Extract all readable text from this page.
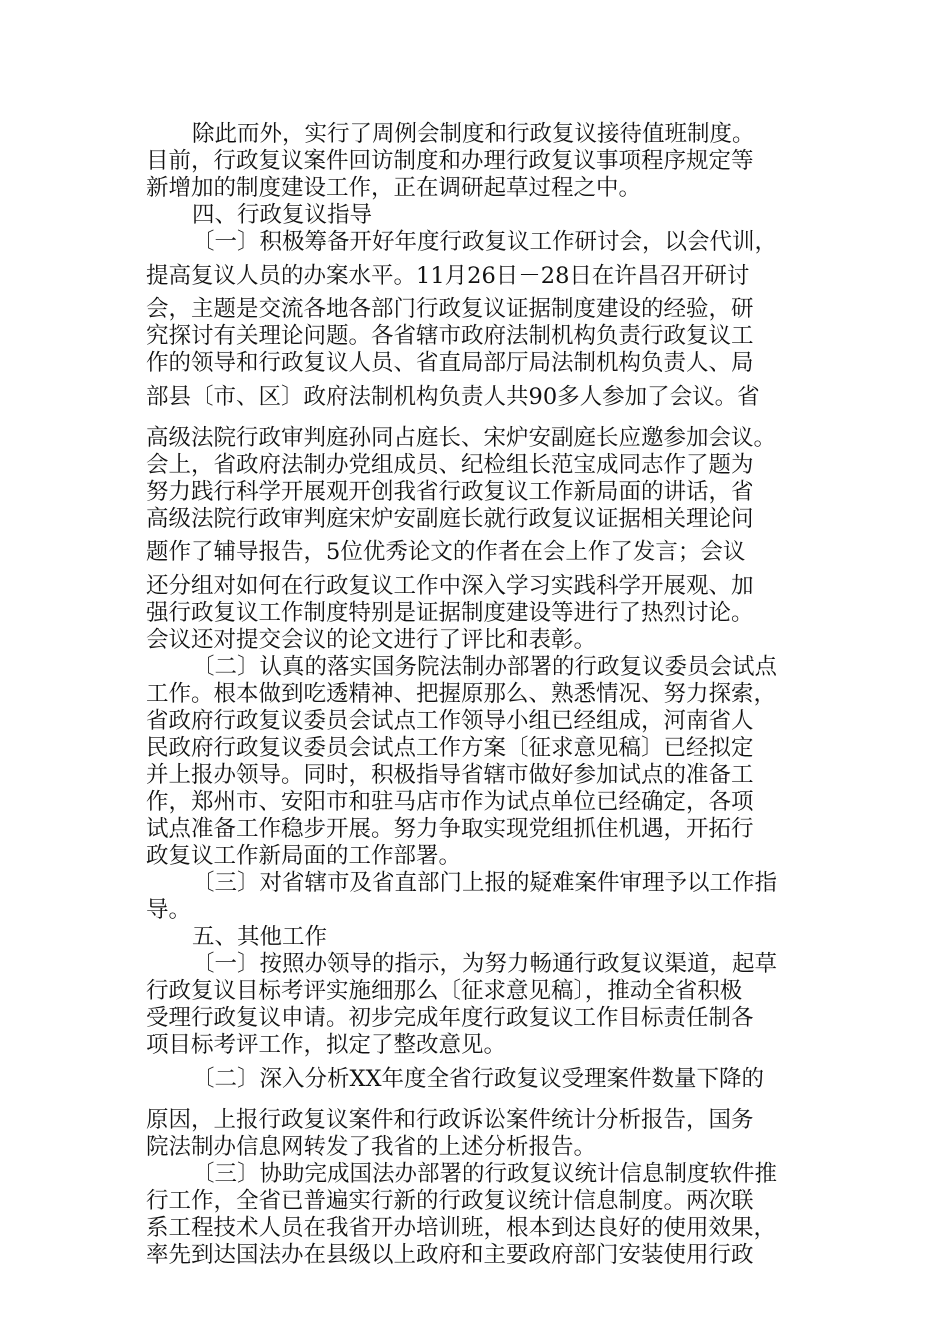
除此而外，实行了周例会制度和行政复议接待值班制度。
目前，行政复议案件回访制度和办理行政复议事项程序规定等
新增加的制度建设工作，正在调研起草过程之中。
四、行政复议指导
〔一〕积极筹备开好年度行政复议工作研讨会，以会代训，
提高复议人员的办案水平。11月26日－28日在许昌召开研讨
会，主题是交流各地各部门行政复议证据制度建设的经验，研
究探讨有关理论问题。各省辖市政府法制机构负责行政复议工
作的领导和行政复议人员、省直局部厅局法制机构负责人、局
部县〔市、区〕政府法制机构负责人共90多人参加了会议。省
高级法院行政审判庭孙同占庭长、宋炉安副庭长应邀参加会议。
会上，省政府法制办党组成员、纪检组长范宝成同志作了题为
努力践行科学开展观开创我省行政复议工作新局面的讲话，省
高级法院行政审判庭宋炉安副庭长就行政复议证据相关理论问
题作了辅导报告，5位优秀论文的作者在会上作了发言；会议
还分组对如何在行政复议工作中深入学习实践科学开展观、加
强行政复议工作制度特别是证据制度建设等进行了热烈讨论。
会议还对提交会议的论文进行了评比和表彰。
〔二〕认真的落实国务院法制办部署的行政复议委员会试点
工作。根本做到吃透精神、把握原那么、熟悉情况、努力探索，
省政府行政复议委员会试点工作领导小组已经组成，河南省人
民政府行政复议委员会试点工作方案〔征求意见稿〕已经拟定
并上报办领导。同时，积极指导省辖市做好参加试点的准备工
作，郑州市、安阳市和驻马店市作为试点单位已经确定，各项
试点准备工作稳步开展。努力争取实现党组抓住机遇，开拓行
政复议工作新局面的工作部署。
〔三〕对省辖市及省直部门上报的疑难案件审理予以工作指
导。
五、其他工作
〔一〕按照办领导的指示，为努力畅通行政复议渠道，起草
行政复议目标考评实施细那么〔征求意见稿〕，推动全省积极
受理行政复议申请。初步完成年度行政复议工作目标责任制各
项目标考评工作，拟定了整改意见。
〔二〕深入分析XX年度全省行政复议受理案件数量下降的
原因，上报行政复议案件和行政诉讼案件统计分析报告，国务
院法制办信息网转发了我省的上述分析报告。
〔三〕协助完成国法办部署的行政复议统计信息制度软件推
行工作，全省已普遍实行新的行政复议统计信息制度。两次联
系工程技术人员在我省开办培训班，根本到达良好的使用效果，
率先到达国法办在县级以上政府和主要政府部门安装使用行政
